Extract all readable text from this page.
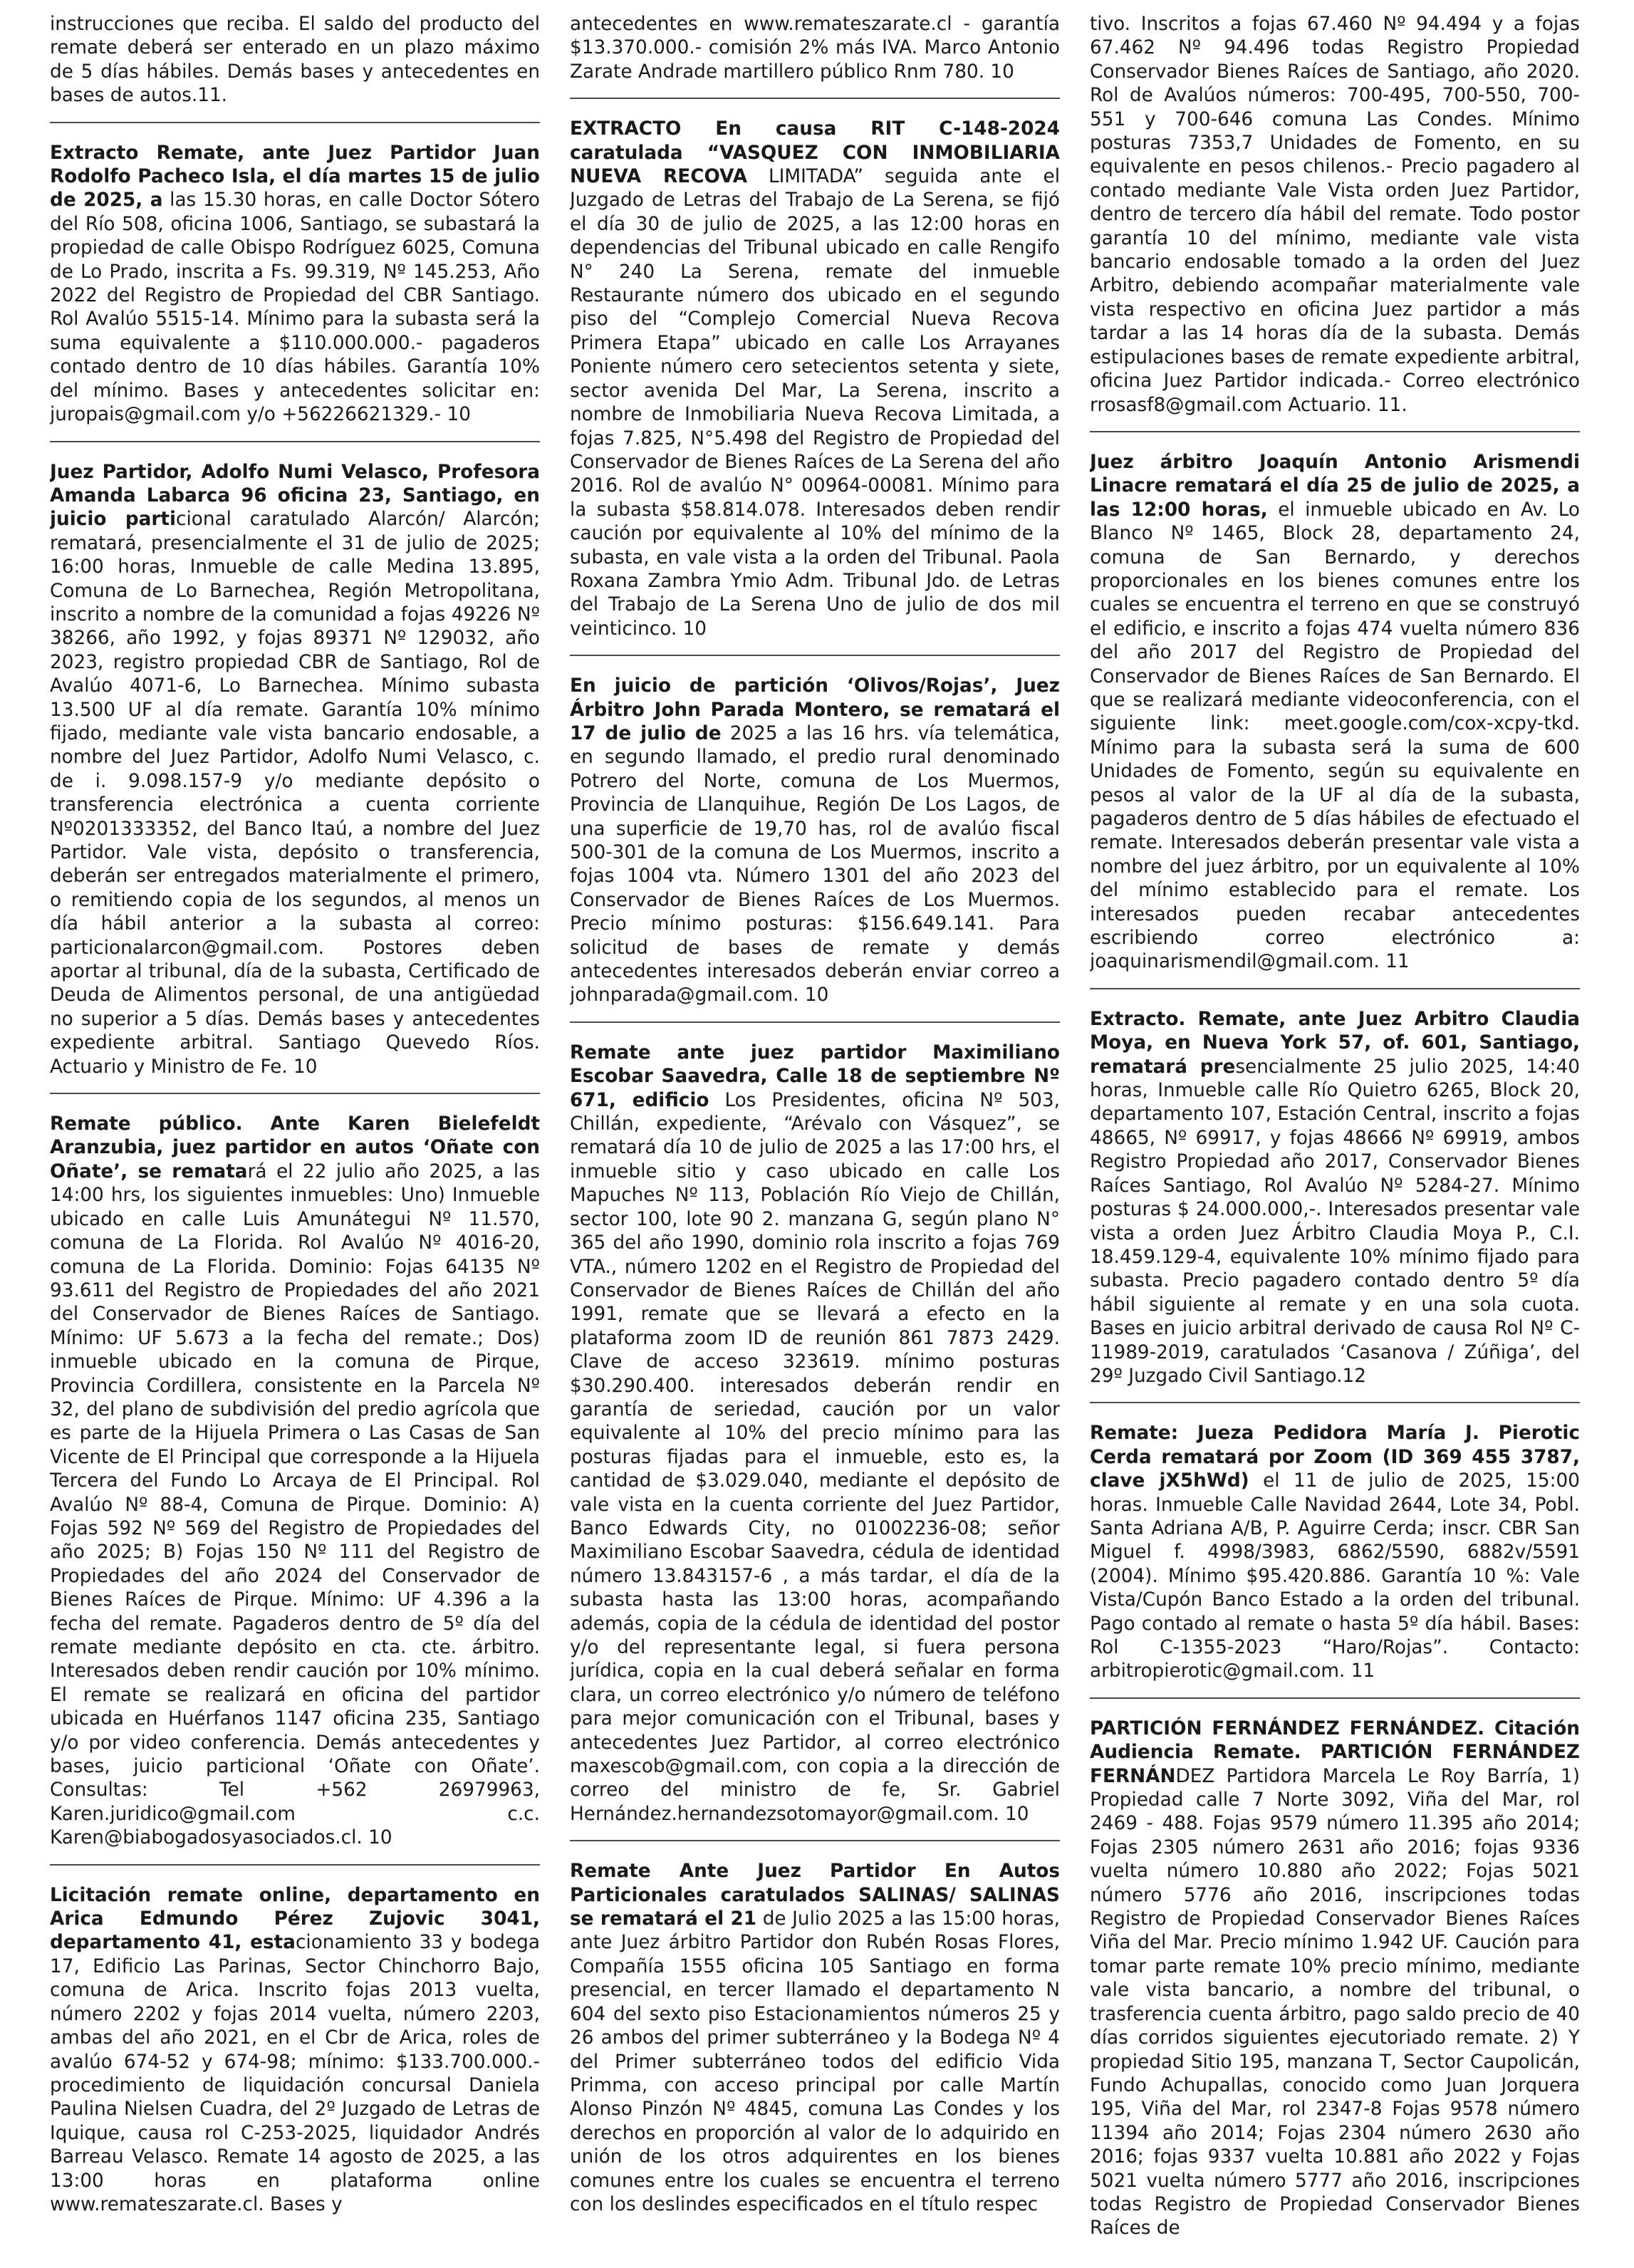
instrucciones que reciba. El saldo del producto del remate deberá ser enterado en un plazo máximo de 5 días hábiles. Demás bases y antecedentes en bases de autos.11.

Extracto Remate, ante Juez Partidor Juan Rodolfo Pacheco Isla, el día martes 15 de julio de 2025, a las 15.30 horas, en calle Doctor Sótero del Río 508, oficina 1006, Santiago, se subastará la propiedad de calle Obispo Rodríguez 6025, Comuna de Lo Prado, inscrita a Fs. 99.319, Nº 145.253, Año 2022 del Registro de Propiedad del CBR Santiago. Rol Avalúo 5515-14. Mínimo para la subasta será la suma equivalente a $110.000.000.- pagaderos contado dentro de 10 días hábiles. Garantía 10% del mínimo. Bases y antecedentes solicitar en: juropais@gmail.com y/o +56226621329.- 10

Juez Partidor, Adolfo Numi Velasco, Profesora Amanda Labarca 96 oficina 23, Santiago, en juicio particional caratulado Alarcón/ Alarcón; rematará, presencialmente el 31 de julio de 2025; 16:00 horas, Inmueble de calle Medina 13.895, Comuna de Lo Barnechea, Región Metropolitana, inscrito a nombre de la comunidad a fojas 49226 Nº 38266, año 1992, y fojas 89371 Nº 129032, año 2023, registro propiedad CBR de Santiago, Rol de Avalúo 4071-6, Lo Barnechea. Mínimo subasta 13.500 UF al día remate. Garantía 10% mínimo fijado, mediante vale vista bancario endosable, a nombre del Juez Partidor, Adolfo Numi Velasco, c. de i. 9.098.157-9 y/o mediante depósito o transferencia electrónica a cuenta corriente Nº0201333352, del Banco Itaú, a nombre del Juez Partidor. Vale vista, depósito o transferencia, deberán ser entregados materialmente el primero, o remitiendo copia de los segundos, al menos un día hábil anterior a la subasta al correo: particionalarcon@gmail.com. Postores deben aportar al tribunal, día de la subasta, Certificado de Deuda de Alimentos personal, de una antigüedad no superior a 5 días. Demás bases y antecedentes expediente arbitral. Santiago Quevedo Ríos. Actuario y Ministro de Fe. 10

Remate público. Ante Karen Bielefeldt Aranzubia, juez partidor en autos ‘Oñate con Oñate’, se rematará el 22 julio año 2025, a las 14:00 hrs, los siguientes inmuebles: Uno) Inmueble ubicado en calle Luis Amunátegui Nº 11.570, comuna de La Florida. Rol Avalúo Nº 4016-20, comuna de La Florida. Dominio: Fojas 64135 Nº 93.611 del Registro de Propiedades del año 2021 del Conservador de Bienes Raíces de Santiago. Mínimo: UF 5.673 a la fecha del remate.; Dos) inmueble ubicado en la comuna de Pirque, Provincia Cordillera, consistente en la Parcela Nº 32, del plano de subdivisión del predio agrícola que es parte de la Hijuela Primera o Las Casas de San Vicente de El Principal que corresponde a la Hijuela Tercera del Fundo Lo Arcaya de El Principal. Rol Avalúo Nº 88-4, Comuna de Pirque. Dominio: A) Fojas 592 Nº 569 del Registro de Propiedades del año 2025; B) Fojas 150 Nº 111 del Registro de Propiedades del año 2024 del Conservador de Bienes Raíces de Pirque. Mínimo: UF 4.396 a la fecha del remate. Pagaderos dentro de 5º día del remate mediante depósito en cta. cte. árbitro. Interesados deben rendir caución por 10% mínimo. El remate se realizará en oficina del partidor ubicada en Huérfanos 1147 oficina 235, Santiago y/o por video conferencia. Demás antecedentes y bases, juicio particional ‘Oñate con Oñate’. Consultas: Tel +562 26979963, Karen.juridico@gmail.com c.c. Karen@biabogadosyasociados.cl. 10

Licitación remate online, departamento en Arica Edmundo Pérez Zujovic 3041, departamento 41, estacionamiento 33 y bodega 17, Edificio Las Parinas, Sector Chinchorro Bajo, comuna de Arica. Inscrito fojas 2013 vuelta, número 2202 y fojas 2014 vuelta, número 2203, ambas del año 2021, en el Cbr de Arica, roles de avalúo 674-52 y 674-98; mínimo: $133.700.000.- procedimiento de liquidación concursal Daniela Paulina Nielsen Cuadra, del 2º Juzgado de Letras de Iquique, causa rol C-253-2025, liquidador Andrés Barreau Velasco. Remate 14 agosto de 2025, a las 13:00 horas en plataforma online www.remateszarate.cl. Bases y

antecedentes en www.remateszarate.cl - garantía $13.370.000.- comisión 2% más IVA. Marco Antonio Zarate Andrade martillero público Rnm 780. 10

EXTRACTO En causa RIT C-148-2024 caratulada “VASQUEZ CON INMOBILIARIA NUEVA RECOVA LIMITADA” seguida ante el Juzgado de Letras del Trabajo de La Serena, se fijó el día 30 de julio de 2025, a las 12:00 horas en dependencias del Tribunal ubicado en calle Rengifo N° 240 La Serena, remate del inmueble Restaurante número dos ubicado en el segundo piso del “Complejo Comercial Nueva Recova Primera Etapa” ubicado en calle Los Arrayanes Poniente número cero setecientos setenta y siete, sector avenida Del Mar, La Serena, inscrito a nombre de Inmobiliaria Nueva Recova Limitada, a fojas 7.825, N°5.498 del Registro de Propiedad del Conservador de Bienes Raíces de La Serena del año 2016. Rol de avalúo N° 00964-00081. Mínimo para la subasta $58.814.078. Interesados deben rendir caución por equivalente al 10% del mínimo de la subasta, en vale vista a la orden del Tribunal. Paola Roxana Zambra Ymio Adm. Tribunal Jdo. de Letras del Trabajo de La Serena Uno de julio de dos mil veinticinco. 10

En juicio de partición ‘Olivos/Rojas’, Juez Árbitro John Parada Montero, se rematará el 17 de julio de 2025 a las 16 hrs. vía telemática, en segundo llamado, el predio rural denominado Potrero del Norte, comuna de Los Muermos, Provincia de Llanquihue, Región De Los Lagos, de una superficie de 19,70 has, rol de avalúo fiscal 500-301 de la comuna de Los Muermos, inscrito a fojas 1004 vta. Número 1301 del año 2023 del Conservador de Bienes Raíces de Los Muermos. Precio mínimo posturas: $156.649.141. Para solicitud de bases de remate y demás antecedentes interesados deberán enviar correo a johnparada@gmail.com. 10

Remate ante juez partidor Maximiliano Escobar Saavedra, Calle 18 de septiembre Nº 671, edificio Los Presidentes, oficina Nº 503, Chillán, expediente, “Arévalo con Vásquez”, se rematará día 10 de julio de 2025 a las 17:00 hrs, el inmueble sitio y caso ubicado en calle Los Mapuches Nº 113, Población Río Viejo de Chillán, sector 100, lote 90 2. manzana G, según plano N° 365 del año 1990, dominio rola inscrito a fojas 769 VTA., número 1202 en el Registro de Propiedad del Conservador de Bienes Raíces de Chillán del año 1991, remate que se llevará a efecto en la plataforma zoom ID de reunión 861 7873 2429. Clave de acceso 323619. mínimo posturas $30.290.400. interesados deberán rendir en garantía de seriedad, caución por un valor equivalente al 10% del precio mínimo para las posturas fijadas para el inmueble, esto es, la cantidad de $3.029.040, mediante el depósito de vale vista en la cuenta corriente del Juez Partidor, Banco Edwards City, no 01002236-08; señor Maximiliano Escobar Saavedra, cédula de identidad número 13.843157-6 , a más tardar, el día de la subasta hasta las 13:00 horas, acompañando además, copia de la cédula de identidad del postor y/o del representante legal, si fuera persona jurídica, copia en la cual deberá señalar en forma clara, un correo electrónico y/o número de teléfono para mejor comunicación con el Tribunal, bases y antecedentes Juez Partidor, al correo electrónico maxescob@gmail.com, con copia a la dirección de correo del ministro de fe, Sr. Gabriel Hernández.hernandezsotomayor@gmail.com. 10

Remate Ante Juez Partidor En Autos Particionales caratulados SALINAS/ SALINAS se rematará el 21 de Julio 2025 a las 15:00 horas, ante Juez árbitro Partidor don Rubén Rosas Flores, Compañía 1555 oficina 105 Santiago en forma presencial, en tercer llamado el departamento N 604 del sexto piso Estacionamientos números 25 y 26 ambos del primer subterráneo y la Bodega Nº 4 del Primer subterráneo todos del edificio Vida Primma, con acceso principal por calle Martín Alonso Pinzón Nº 4845, comuna Las Condes y los derechos en proporción al valor de lo adquirido en unión de los otros adquirentes en los bienes comunes entre los cuales se encuentra el terreno con los deslindes especificados en el título respec

tivo. Inscritos a fojas 67.460 Nº 94.494 y a fojas 67.462 Nº 94.496 todas Registro Propiedad Conservador Bienes Raíces de Santiago, año 2020. Rol de Avalúos números: 700-495, 700-550, 700-551 y 700-646 comuna Las Condes. Mínimo posturas 7353,7 Unidades de Fomento, en su equivalente en pesos chilenos.- Precio pagadero al contado mediante Vale Vista orden Juez Partidor, dentro de tercero día hábil del remate. Todo postor garantía 10 del mínimo, mediante vale vista bancario endosable tomado a la orden del Juez Arbitro, debiendo acompañar materialmente vale vista respectivo en oficina Juez partidor a más tardar a las 14 horas día de la subasta. Demás estipulaciones bases de remate expediente arbitral, oficina Juez Partidor indicada.- Correo electrónico rrosasf8@gmail.com Actuario. 11.

Juez árbitro Joaquín Antonio Arismendi Linacre rematará el día 25 de julio de 2025, a las 12:00 horas, el inmueble ubicado en Av. Lo Blanco Nº 1465, Block 28, departamento 24, comuna de San Bernardo, y derechos proporcionales en los bienes comunes entre los cuales se encuentra el terreno en que se construyó el edificio, e inscrito a fojas 474 vuelta número 836 del año 2017 del Registro de Propiedad del Conservador de Bienes Raíces de San Bernardo. El que se realizará mediante videoconferencia, con el siguiente link: meet.google.com/cox-xcpy-tkd. Mínimo para la subasta será la suma de 600 Unidades de Fomento, según su equivalente en pesos al valor de la UF al día de la subasta, pagaderos dentro de 5 días hábiles de efectuado el remate. Interesados deberán presentar vale vista a nombre del juez árbitro, por un equivalente al 10% del mínimo establecido para el remate. Los interesados pueden recabar antecedentes escribiendo correo electrónico a: joaquinarismendil@gmail.com. 11

Extracto. Remate, ante Juez Arbitro Claudia Moya, en Nueva York 57, of. 601, Santiago, rematará presencialmente 25 julio 2025, 14:40 horas, Inmueble calle Río Quietro 6265, Block 20, departamento 107, Estación Central, inscrito a fojas 48665, Nº 69917, y fojas 48666 Nº 69919, ambos Registro Propiedad año 2017, Conservador Bienes Raíces Santiago, Rol Avalúo Nº 5284-27. Mínimo posturas $ 24.000.000,-. Interesados presentar vale vista a orden Juez Árbitro Claudia Moya P., C.I. 18.459.129-4, equivalente 10% mínimo fijado para subasta. Precio pagadero contado dentro 5º día hábil siguiente al remate y en una sola cuota. Bases en juicio arbitral derivado de causa Rol Nº C-11989-2019, caratulados ‘Casanova / Zúñiga’, del 29º Juzgado Civil Santiago.12

Remate: Jueza Pedidora María J. Pierotic Cerda rematará por Zoom (ID 369 455 3787, clave jX5hWd) el 11 de julio de 2025, 15:00 horas. Inmueble Calle Navidad 2644, Lote 34, Pobl. Santa Adriana A/B, P. Aguirre Cerda; inscr. CBR San Miguel f. 4998/3983, 6862/5590, 6882v/5591 (2004). Mínimo $95.420.886. Garantía 10 %: Vale Vista/Cupón Banco Estado a la orden del tribunal. Pago contado al remate o hasta 5º día hábil. Bases: Rol C-1355-2023 “Haro/Rojas”. Contacto: arbitropierotic@gmail.com. 11

PARTICIÓN FERNÁNDEZ FERNÁNDEZ. Citación Audiencia Remate. PARTICIÓN FERNÁNDEZ FERNÁNDEZ Partidora Marcela Le Roy Barría, 1) Propiedad calle 7 Norte 3092, Viña del Mar, rol 2469 - 488. Fojas 9579 número 11.395 año 2014; Fojas 2305 número 2631 año 2016; fojas 9336 vuelta número 10.880 año 2022; Fojas 5021 número 5776 año 2016, inscripciones todas Registro de Propiedad Conservador Bienes Raíces Viña del Mar. Precio mínimo 1.942 UF. Caución para tomar parte remate 10% precio mínimo, mediante vale vista bancario, a nombre del tribunal, o trasferencia cuenta árbitro, pago saldo precio de 40 días corridos siguientes ejecutoriado remate. 2) Y propiedad Sitio 195, manzana T, Sector Caupolicán, Fundo Achupallas, conocido como Juan Jorquera 195, Viña del Mar, rol 2347-8 Fojas 9578 número 11394 año 2014; Fojas 2304 número 2630 año 2016; fojas 9337 vuelta 10.881 año 2022 y Fojas 5021 vuelta número 5777 año 2016, inscripciones todas Registro de Propiedad Conservador Bienes Raíces de
